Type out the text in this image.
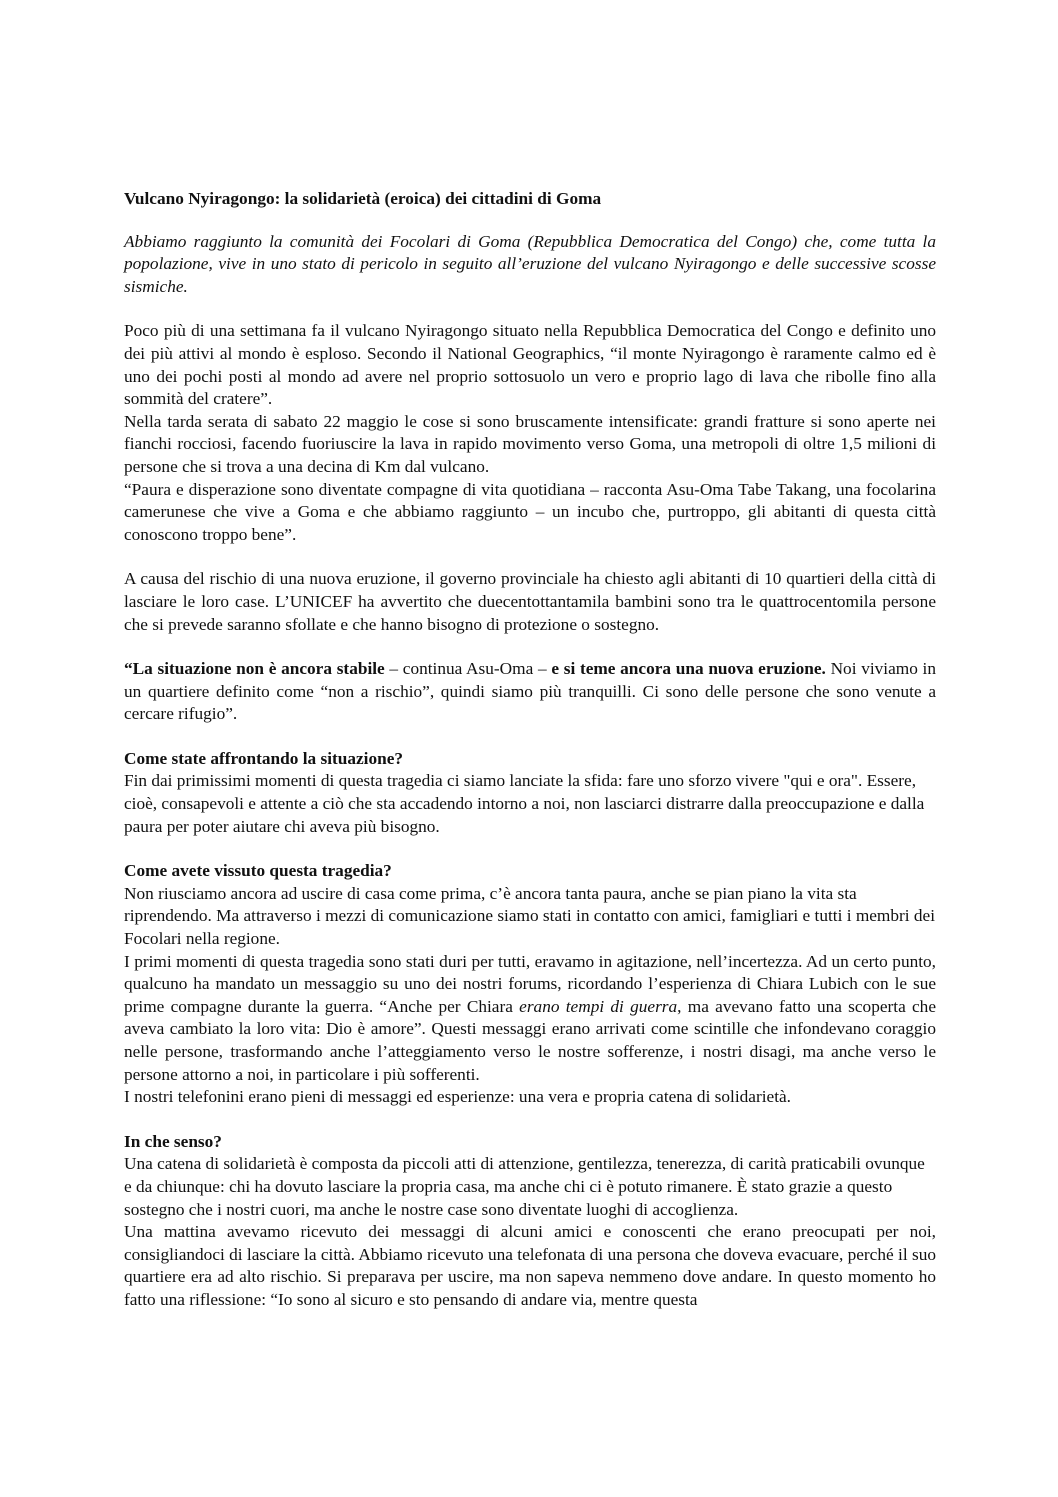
Vulcano Nyiragongo: la solidarietà (eroica) dei cittadini di Goma

Abbiamo raggiunto la comunità dei Focolari di Goma (Repubblica Democratica del Congo) che, come tutta la popolazione, vive in uno stato di pericolo in seguito all’eruzione del vulcano Nyiragongo e delle successive scosse sismiche.

Poco più di una settimana fa il vulcano Nyiragongo situato nella Repubblica Democratica del Congo e definito uno dei più attivi al mondo è esploso. Secondo il National Geographics, “il monte Nyiragongo è raramente calmo ed è uno dei pochi posti al mondo ad avere nel proprio sottosuolo un vero e proprio lago di lava che ribolle fino alla sommità del cratere”.

Nella tarda serata di sabato 22 maggio le cose si sono bruscamente intensificate: grandi fratture si sono aperte nei fianchi rocciosi, facendo fuoriuscire la lava in rapido movimento verso Goma, una metropoli di oltre 1,5 milioni di persone che si trova a una decina di Km dal vulcano.

“Paura e disperazione sono diventate compagne di vita quotidiana – racconta Asu-Oma Tabe Takang, una focolarina camerunese che vive a Goma e che abbiamo raggiunto – un incubo che, purtroppo, gli abitanti di questa città conoscono troppo bene”.

A causa del rischio di una nuova eruzione, il governo provinciale ha chiesto agli abitanti di 10 quartieri della città di lasciare le loro case. L’UNICEF ha avvertito che duecentottantamila bambini sono tra le quattrocentomila persone che si prevede saranno sfollate e che hanno bisogno di protezione o sostegno.

“La situazione non è ancora stabile – continua Asu-Oma – e si teme ancora una nuova eruzione. Noi viviamo in un quartiere definito come “non a rischio”, quindi siamo più tranquilli. Ci sono delle persone che sono venute a cercare rifugio”.

Come state affrontando la situazione?

Fin dai primissimi momenti di questa tragedia ci siamo lanciate la sfida: fare uno sforzo vivere "qui e ora". Essere, cioè, consapevoli e attente a ciò che sta accadendo intorno a noi, non lasciarci distrarre dalla preoccupazione e dalla paura per poter aiutare chi aveva più bisogno.

Come avete vissuto questa tragedia?

Non riusciamo ancora ad uscire di casa come prima, c’è ancora tanta paura, anche se pian piano la vita sta riprendendo. Ma attraverso i mezzi di comunicazione siamo stati in contatto con amici, famigliari e tutti i membri dei Focolari nella regione.

I primi momenti di questa tragedia sono stati duri per tutti, eravamo in agitazione, nell’incertezza. Ad un certo punto, qualcuno ha mandato un messaggio su uno dei nostri forums, ricordando l’esperienza di Chiara Lubich con le sue prime compagne durante la guerra. “Anche per Chiara erano tempi di guerra, ma avevano fatto una scoperta che aveva cambiato la loro vita: Dio è amore”. Questi messaggi erano arrivati come scintille che infondevano coraggio nelle persone, trasformando anche l’atteggiamento verso le nostre sofferenze, i nostri disagi, ma anche verso le persone attorno a noi, in particolare i più sofferenti.

I nostri telefonini erano pieni di messaggi ed esperienze: una vera e propria catena di solidarietà.

In che senso?

Una catena di solidarietà è composta da piccoli atti di attenzione, gentilezza, tenerezza, di carità praticabili ovunque e da chiunque: chi ha dovuto lasciare la propria casa, ma anche chi ci è potuto rimanere. È stato grazie a questo sostegno che i nostri cuori, ma anche le nostre case sono diventate luoghi di accoglienza.

Una mattina avevamo ricevuto dei messaggi di alcuni amici e conoscenti che erano preocupati per noi, consigliandoci di lasciare la città. Abbiamo ricevuto una telefonata di una persona che doveva evacuare, perché il suo quartiere era ad alto rischio. Si preparava per uscire, ma non sapeva nemmeno dove andare. In questo momento ho fatto una riflessione: “Io sono al sicuro e sto pensando di andare via, mentre questa
